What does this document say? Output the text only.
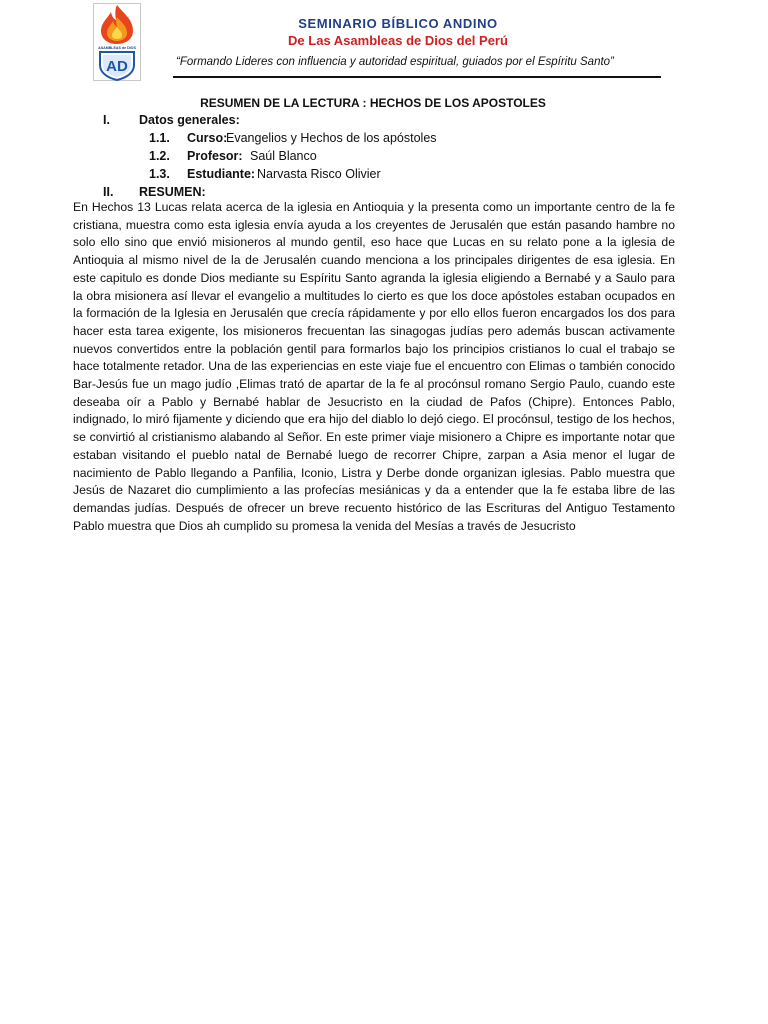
ASAMBLEAS de DIOS
AD
SEMINARIO BÍBLICO ANDINO
De Las Asambleas de Dios del Perú
“Formando Lideres con influencia y autoridad espiritual, guiados por el Espíritu Santo”
RESUMEN DE LA LECTURA : HECHOS DE LOS APOSTOLES
I. Datos generales:
1.1. Curso:
Evangelios y Hechos de los apóstoles
1.2. Profesor: Saúl Blanco
1.3. Estudiante: Narvasta Risco Olivier
II. RESUMEN:

En Hechos 13 Lucas relata acerca de la iglesia en Antioquia y la presenta como un importante centro de la fe cristiana, muestra como esta iglesia envía ayuda a los creyentes de Jerusalén que están pasando hambre no solo ello sino que envió misioneros al mundo gentil, eso hace que Lucas en su relato pone a la iglesia de Antioquia al mismo nivel de la de Jerusalén cuando menciona a los principales dirigentes de esa iglesia. En este capitulo es donde Dios mediante su Espíritu Santo agranda la iglesia eligiendo a Bernabé y a Saulo para la obra misionera así llevar el evangelio a multitudes lo cierto es que los doce apóstoles estaban ocupados en la formación de la Iglesia en Jerusalén que crecía rápidamente y por ello ellos fueron encargados los dos para hacer esta tarea exigente, los misioneros frecuentan las sinagogas judías pero además buscan activamente nuevos convertidos entre la población gentil para formarlos bajo los principios cristianos lo cual el trabajo se hace totalmente retador. Una de las experiencias en este viaje fue el encuentro con Elimas o también conocido Bar-Jesús fue un mago judío ,Elimas trató de apartar de la fe al procónsul romano Sergio Paulo, cuando este deseaba oír a Pablo y Bernabé hablar de Jesucristo en la ciudad de Pafos (Chipre). Entonces Pablo, indignado, lo miró fijamente y diciendo que era hijo del diablo lo dejó ciego. El procónsul, testigo de los hechos, se convirtió al cristianismo alabando al Señor. En este primer viaje misionero a Chipre es importante notar que estaban visitando el pueblo natal de Bernabé luego de recorrer Chipre, zarpan a Asia menor el lugar de nacimiento de Pablo llegando a Panfilia, Iconio, Listra y Derbe donde organizan iglesias. Pablo muestra que Jesús de Nazaret dio cumplimiento a las profecías mesiánicas y da a entender que la fe estaba libre de las demandas judías. Después de ofrecer un breve recuento histórico de las Escrituras del Antiguo Testamento Pablo muestra que Dios ah cumplido su promesa la venida del Mesías a través de Jesucristo
